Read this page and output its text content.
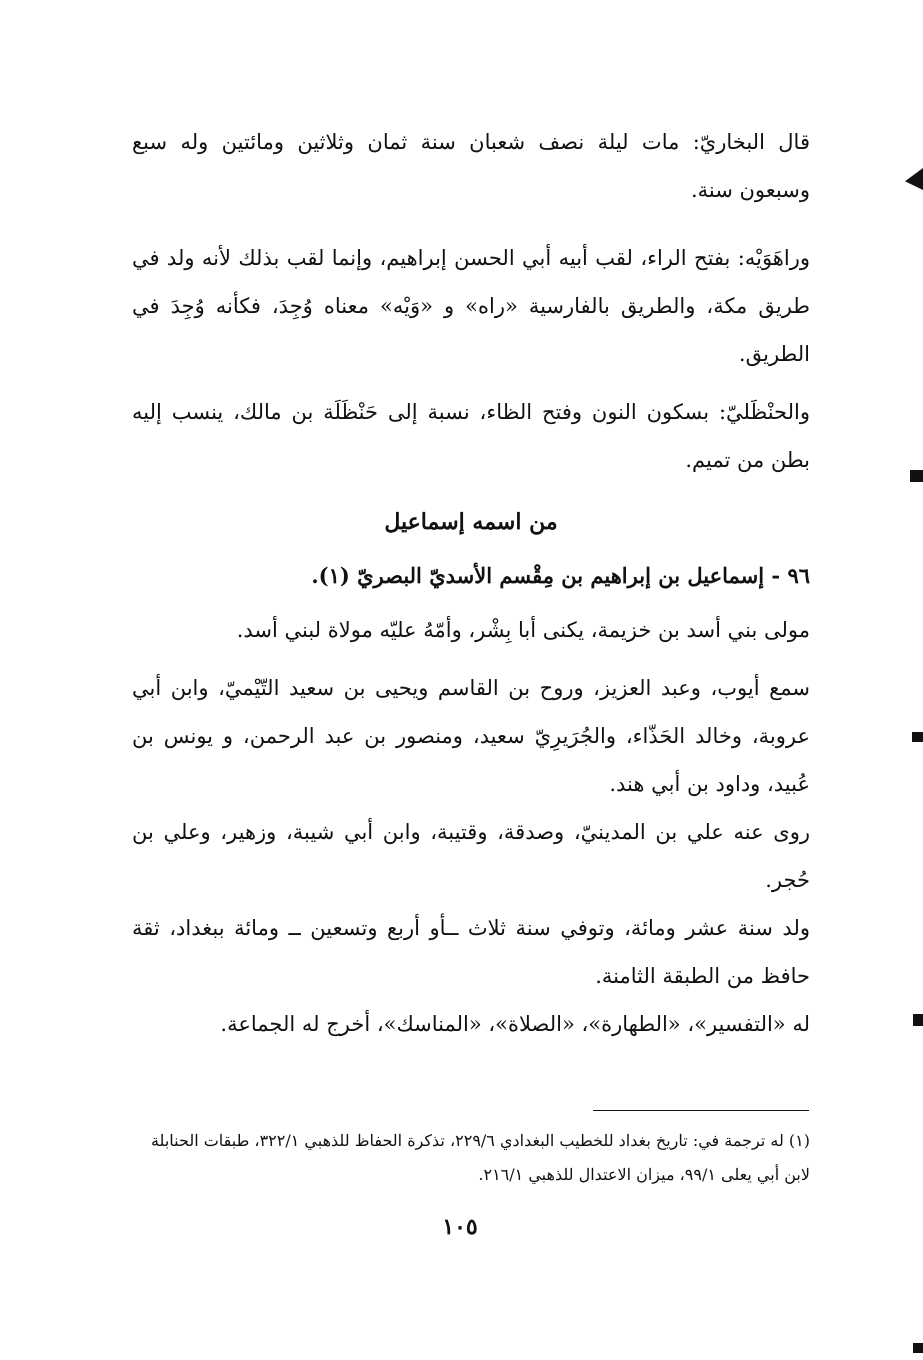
قال البخاريّ: مات ليلة نصف شعبان سنة ثمان وثلاثين ومائتين وله سبع وسبعون سنة.

وراهَوَيْه: بفتح الراء، لقب أبيه أبي الحسن إبراهيم، وإنما لقب بذلك لأنه ولد في طريق مكة، والطريق بالفارسية «راه» و «وَيْه» معناه وُجِدَ، فكأنه وُجِدَ في الطريق.

والحنْظَليّ: بسكون النون وفتح الظاء، نسبة إلى حَنْظَلَة بن مالك، ينسب إليه بطن من تميم.

من اسمه إسماعيل

٩٦ - إسماعيل بن إبراهيم بن مِقْسم الأسديّ البصريّ (١).

مولى بني أسد بن خزيمة، يكنى أبا بِشْر، وأمّهُ عليّه مولاة لبني أسد.

سمع أيوب، وعبد العزيز، وروح بن القاسم ويحيى بن سعيد التّيْميّ، وابن أبي عروبة، وخالد الحَذّاء، والجُرَيرِيّ سعيد، ومنصور بن عبد الرحمن، و يونس بن عُبيد، وداود بن أبي هند.

روى عنه علي بن المدينيّ، وصدقة، وقتيبة، وابن أبي شيبة، وزهير، وعلي بن حُجر.

ولد سنة عشر ومائة، وتوفي سنة ثلاث ــأو أربع وتسعين ــ ومائة ببغداد، ثقة حافظ من الطبقة الثامنة.

له «التفسير»، «الطهارة»، «الصلاة»، «المناسك»، أخرج له الجماعة.

(١) له ترجمة في: تاريخ بغداد للخطيب البغدادي ٢٢٩/٦، تذكرة الحفاظ للذهبي ٣٢٢/١، طبقات الحنابلة لابن أبي يعلى ٩٩/١، ميزان الاعتدال للذهبي ٢١٦/١.

١٠٥
